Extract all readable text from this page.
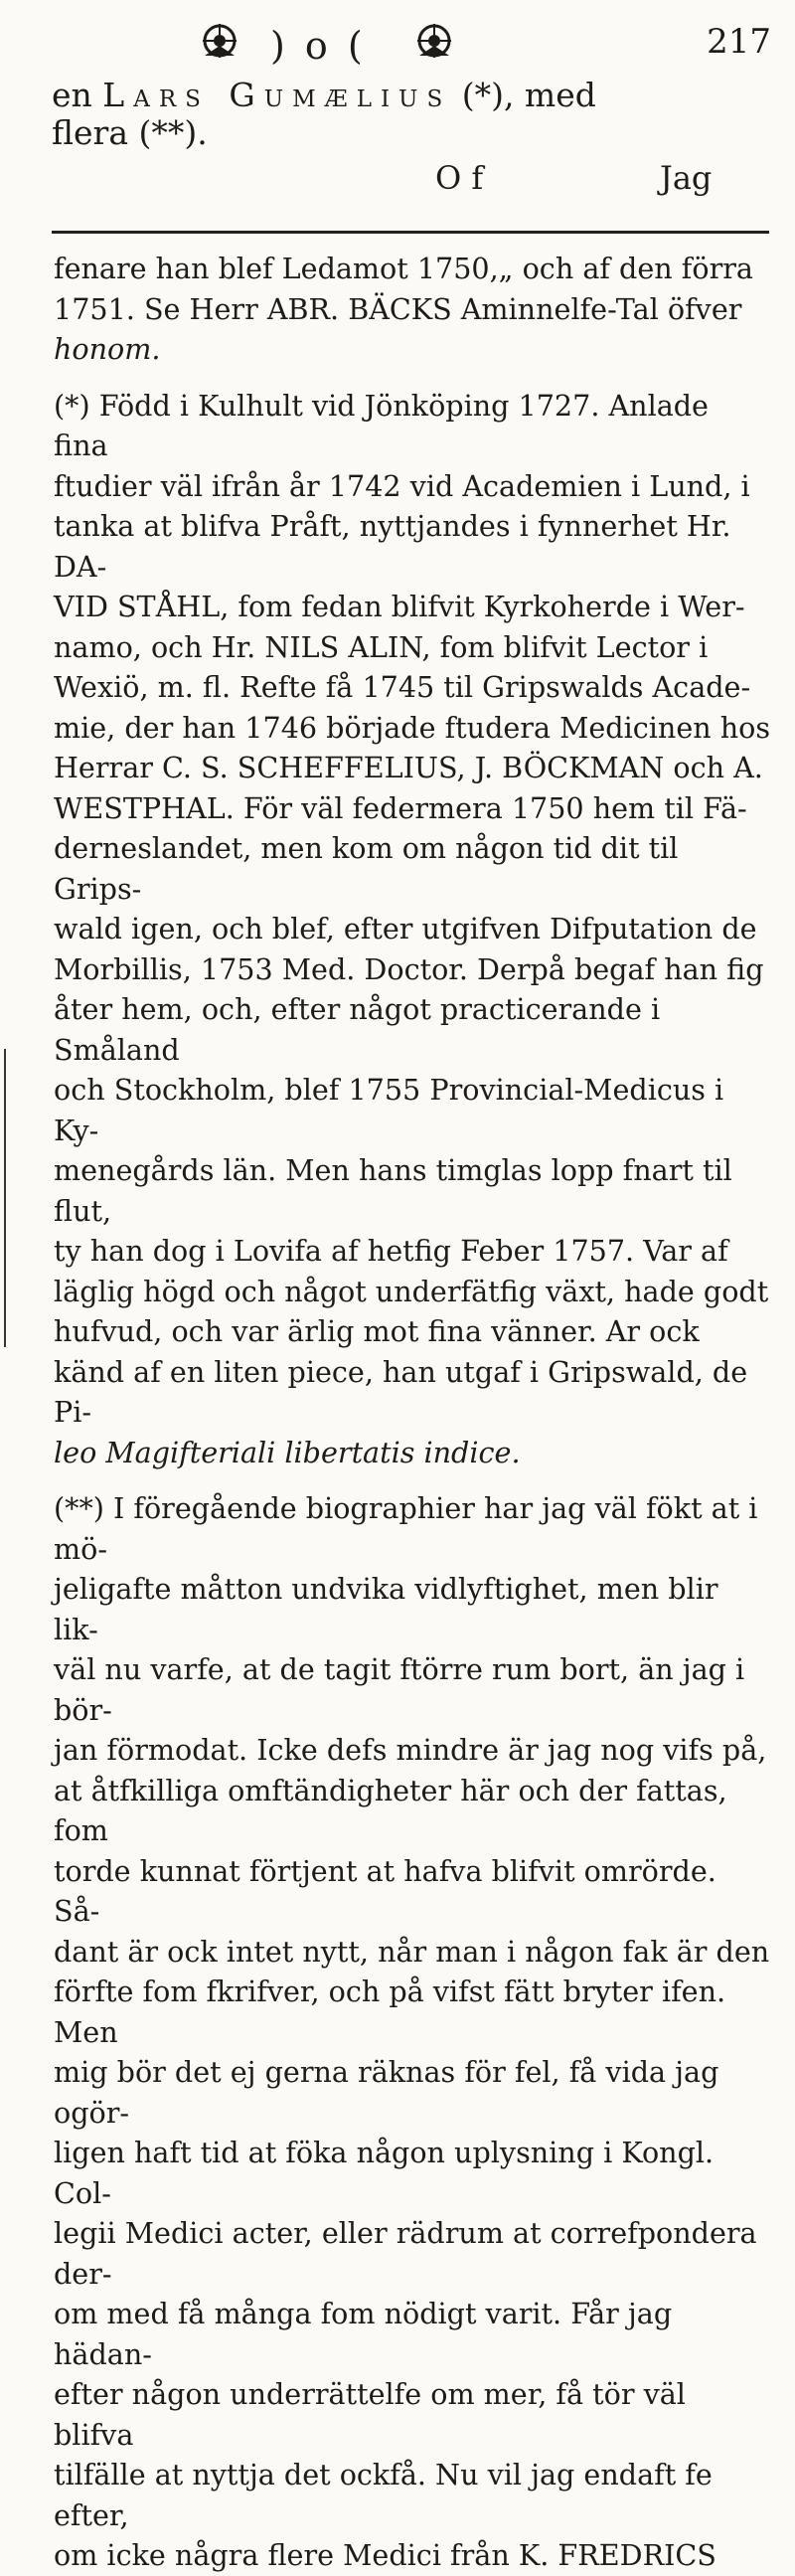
) o (	217
en Lars Gumælius (*), med
flera (**).
O f	Jag

fenare han blef Ledamot 1750,„ och af den förra
1751. Se Herr ABR. BÄCKS Aminnelfe-Tal öfver
honom.

(*) Född i Kulhult vid Jönköping 1727. Anlade fina
ftudier väl ifrån år 1742 vid Academien i Lund, i
tanka at blifva Pråft, nyttjandes i fynnerhet Hr. DA-
VID STÅHL, fom fedan blifvit Kyrkoherde i Wer-
namo, och Hr. NILS ALIN, fom blifvit Lector i
Wexiö, m. fl. Refte få 1745 til Gripswalds Acade-
mie, der han 1746 började ftudera Medicinen hos
Herrar C. S. SCHEFFELIUS, J. BÖCKMAN och A.
WESTPHAL. För väl federmera 1750 hem til Fä-
derneslandet, men kom om någon tid dit til Grips-
wald igen, och blef, efter utgifven Difputation de
Morbillis, 1753 Med. Doctor. Derpå begaf han fig
åter hem, och, efter något practicerande i Småland
och Stockholm, blef 1755 Provincial-Medicus i Ky-
menegårds län. Men hans timglas lopp fnart til flut,
ty han dog i Lovifa af hetfig Feber 1757. Var af
läglig högd och något underfätfig växt, hade godt
hufvud, och var ärlig mot fina vänner. Ar ock
känd af en liten piece, han utgaf i Gripswald, de Pi-
leo Magifteriali libertatis indice.

(**) I föregående biographier har jag väl fökt at i mö-
jeligafte måtton undvika vidlyftighet, men blir lik-
väl nu varfe, at de tagit ftörre rum bort, än jag i bör-
jan förmodat. Icke defs mindre är jag nog vifs på,
at åtfkilliga omftändigheter här och der fattas, fom
torde kunnat förtjent at hafva blifvit omrörde. Så-
dant är ock intet nytt, når man i någon fak är den
förfte fom fkrifver, och på vifst fätt bryter ifen. Men
mig bör det ej gerna räknas för fel, få vida jag ogör-
ligen haft tid at föka någon uplysning i Kongl. Col-
legii Medici acter, eller rädrum at correfpondera der-
om med få många fom nödigt varit. Får jag hädan-
efter någon underrättelfe om mer, få tör väl blifva
tilfälle at nyttja det ockfå. Nu vil jag endaft fe efter,
om icke några flere Medici från K. FREDRICS
